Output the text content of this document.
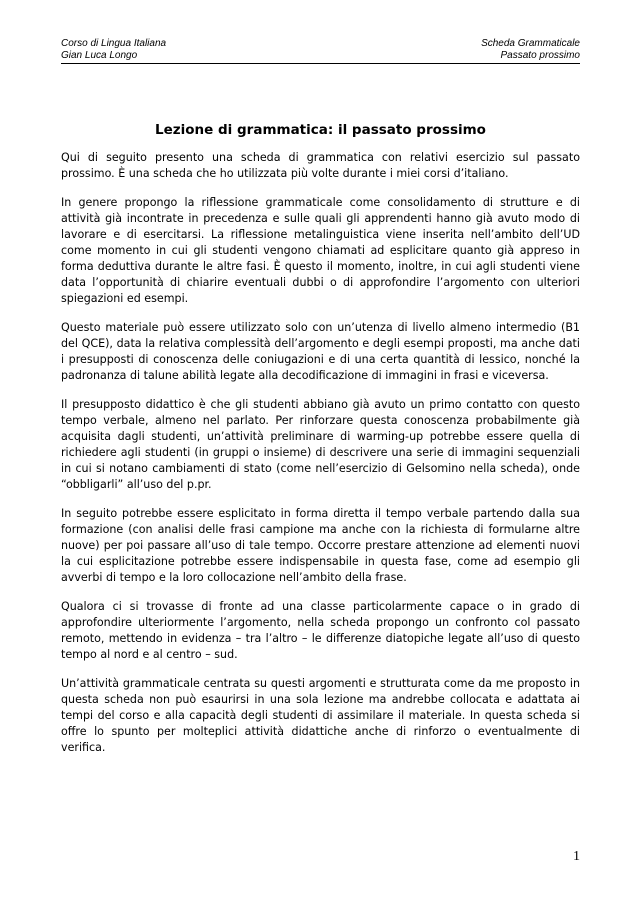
Corso di Lingua Italiana
Gian Luca Longo
Scheda Grammaticale
Passato prossimo
Lezione di grammatica: il passato prossimo

Qui di seguito presento una scheda di grammatica con relativi esercizio sul passato prossimo. È una scheda che ho utilizzata più volte durante i miei corsi d’italiano.

In genere propongo la riflessione grammaticale come consolidamento di strutture e di attività già incontrate in precedenza e sulle quali gli apprendenti hanno già avuto modo di lavorare e di esercitarsi. La riflessione metalinguistica viene inserita nell’ambito dell’UD come momento in cui gli studenti vengono chiamati ad esplicitare quanto già appreso in forma deduttiva durante le altre fasi. È questo il momento, inoltre, in cui agli studenti viene data l’opportunità di chiarire eventuali dubbi o di approfondire l’argomento con ulteriori spiegazioni ed esempi.

Questo materiale può essere utilizzato solo con un’utenza di livello almeno intermedio (B1 del QCE), data la relativa complessità dell’argomento e degli esempi proposti, ma anche dati i presupposti di conoscenza delle coniugazioni e di una certa quantità di lessico, nonché la padronanza di talune abilità legate alla decodificazione di immagini in frasi e viceversa.

Il presupposto didattico è che gli studenti abbiano già avuto un primo contatto con questo tempo verbale, almeno nel parlato. Per rinforzare questa conoscenza probabilmente già acquisita dagli studenti, un’attività preliminare di warming-up potrebbe essere quella di richiedere agli studenti (in gruppi o insieme) di descrivere una serie di immagini sequenziali in cui si notano cambiamenti di stato (come nell’esercizio di Gelsomino nella scheda), onde “obbligarli” all’uso del p.pr.

In seguito potrebbe essere esplicitato in forma diretta il tempo verbale partendo dalla sua formazione (con analisi delle frasi campione ma anche con la richiesta di formularne altre nuove) per poi passare all’uso di tale tempo. Occorre prestare attenzione ad elementi nuovi la cui esplicitazione potrebbe essere indispensabile in questa fase, come ad esempio gli avverbi di tempo e la loro collocazione nell’ambito della frase.

Qualora ci si trovasse di fronte ad una classe particolarmente capace o in grado di approfondire ulteriormente l’argomento, nella scheda propongo un confronto col passato remoto, mettendo in evidenza – tra l’altro – le differenze diatopiche legate all’uso di questo tempo al nord e al centro – sud.

Un’attività grammaticale centrata su questi argomenti e strutturata come da me proposto in questa scheda non può esaurirsi in una sola lezione ma andrebbe collocata e adattata ai tempi del corso e alla capacità degli studenti di assimilare il materiale. In questa scheda si offre lo spunto per molteplici attività didattiche anche di rinforzo o eventualmente di verifica.

1
